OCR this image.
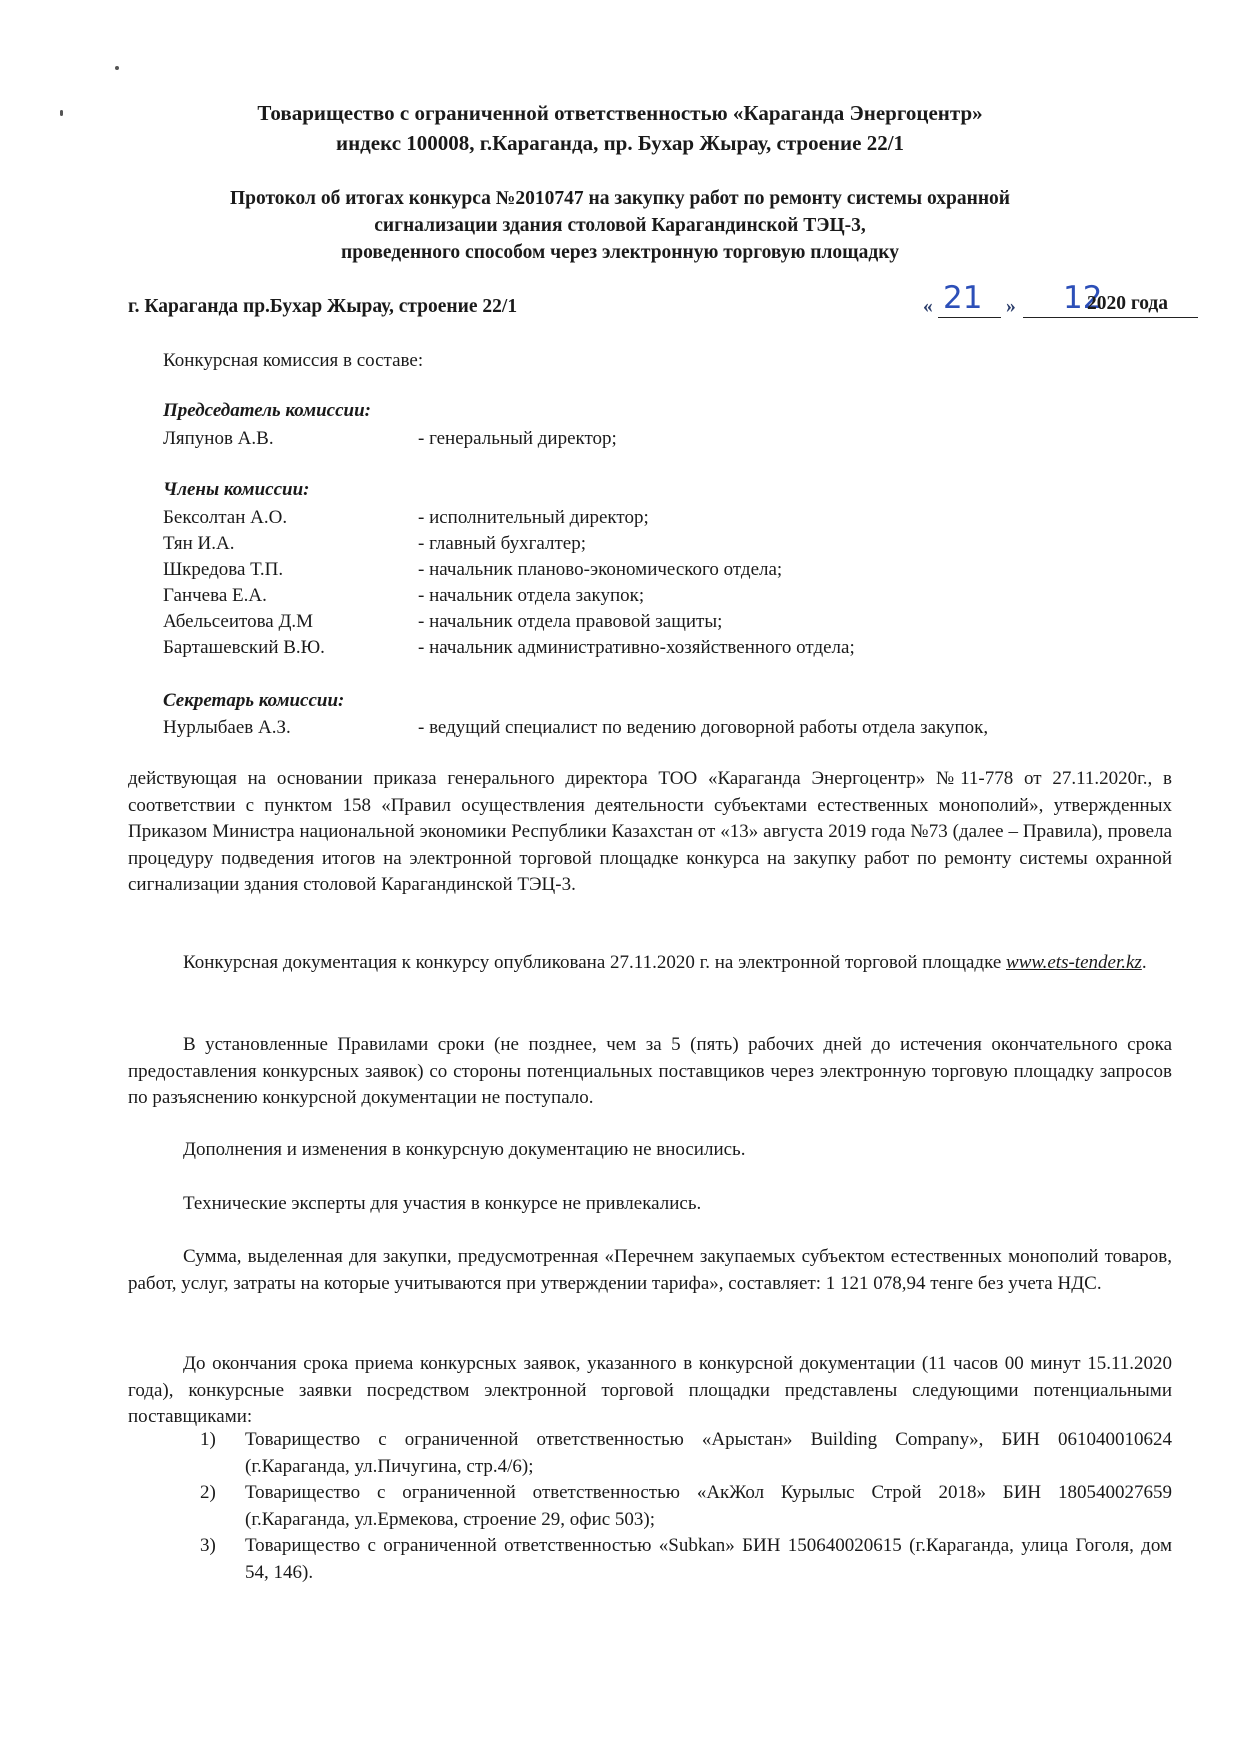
Товарищество с ограниченной ответственностью «Караганда Энергоцентр»
индекс 100008, г.Караганда, пр. Бухар Жырау, строение 22/1
Протокол об итогах конкурса №2010747 на закупку работ по ремонту системы охранной
сигнализации здания столовой Карагандинской ТЭЦ-3,
проведенного способом через электронную торговую площадку
г. Караганда пр.Бухар Жырау, строение 22/1	« 21 » 12
2020 года
Конкурсная комиссия в составе:
Председатель комиссии:
Ляпунов А.В.	- генеральный директор;
Члены комиссии:
Бексолтан А.О.	- исполнительный директор;
Тян И.А.	- главный бухгалтер;
Шкредова Т.П.	- начальник планово-экономического отдела;
Ганчева Е.А.	- начальник отдела закупок;
Абельсеитова Д.М	- начальник отдела правовой защиты;
Барташевский В.Ю.	- начальник административно-хозяйственного отдела;
Секретарь комиссии:
Нурлыбаев А.З.	- ведущий специалист по ведению договорной работы отдела закупок,
действующая на основании приказа генерального директора ТОО «Караганда Энергоцентр» №11-778 от 27.11.2020г., в соответствии с пунктом 158 «Правил осуществления деятельности субъектами естественных монополий», утвержденных Приказом Министра национальной экономики Республики Казахстан от «13» августа 2019 года №73 (далее – Правила), провела процедуру подведения итогов на электронной торговой площадке конкурса на закупку работ по ремонту системы охранной сигнализации здания столовой Карагандинской ТЭЦ-3.
Конкурсная документация к конкурсу опубликована 27.11.2020 г. на электронной торговой площадке www.ets-tender.kz.
В установленные Правилами сроки (не позднее, чем за 5 (пять) рабочих дней до истечения окончательного срока предоставления конкурсных заявок) со стороны потенциальных поставщиков через электронную торговую площадку запросов по разъяснению конкурсной документации не поступало.
Дополнения и изменения в конкурсную документацию не вносились.
Технические эксперты для участия в конкурсе не привлекались.
Сумма, выделенная для закупки, предусмотренная «Перечнем закупаемых субъектом естественных монополий товаров, работ, услуг, затраты на которые учитываются при утверждении тарифа», составляет: 1 121 078,94 тенге без учета НДС.
До окончания срока приема конкурсных заявок, указанного в конкурсной документации (11 часов 00 минут 15.11.2020 года), конкурсные заявки посредством электронной торговой площадки представлены следующими потенциальными поставщиками:
1) Товарищество с ограниченной ответственностью «Арыстан» Building Company», БИН 061040010624 (г.Караганда, ул.Пичугина, стр.4/6);
2) Товарищество с ограниченной ответственностью «АкЖол Курылыс Строй 2018» БИН 180540027659 (г.Караганда, ул.Ермекова, строение 29, офис 503);
3) Товарищество с ограниченной ответственностью «Subkan» БИН 150640020615 (г.Караганда, улица Гоголя, дом 54, 146).
